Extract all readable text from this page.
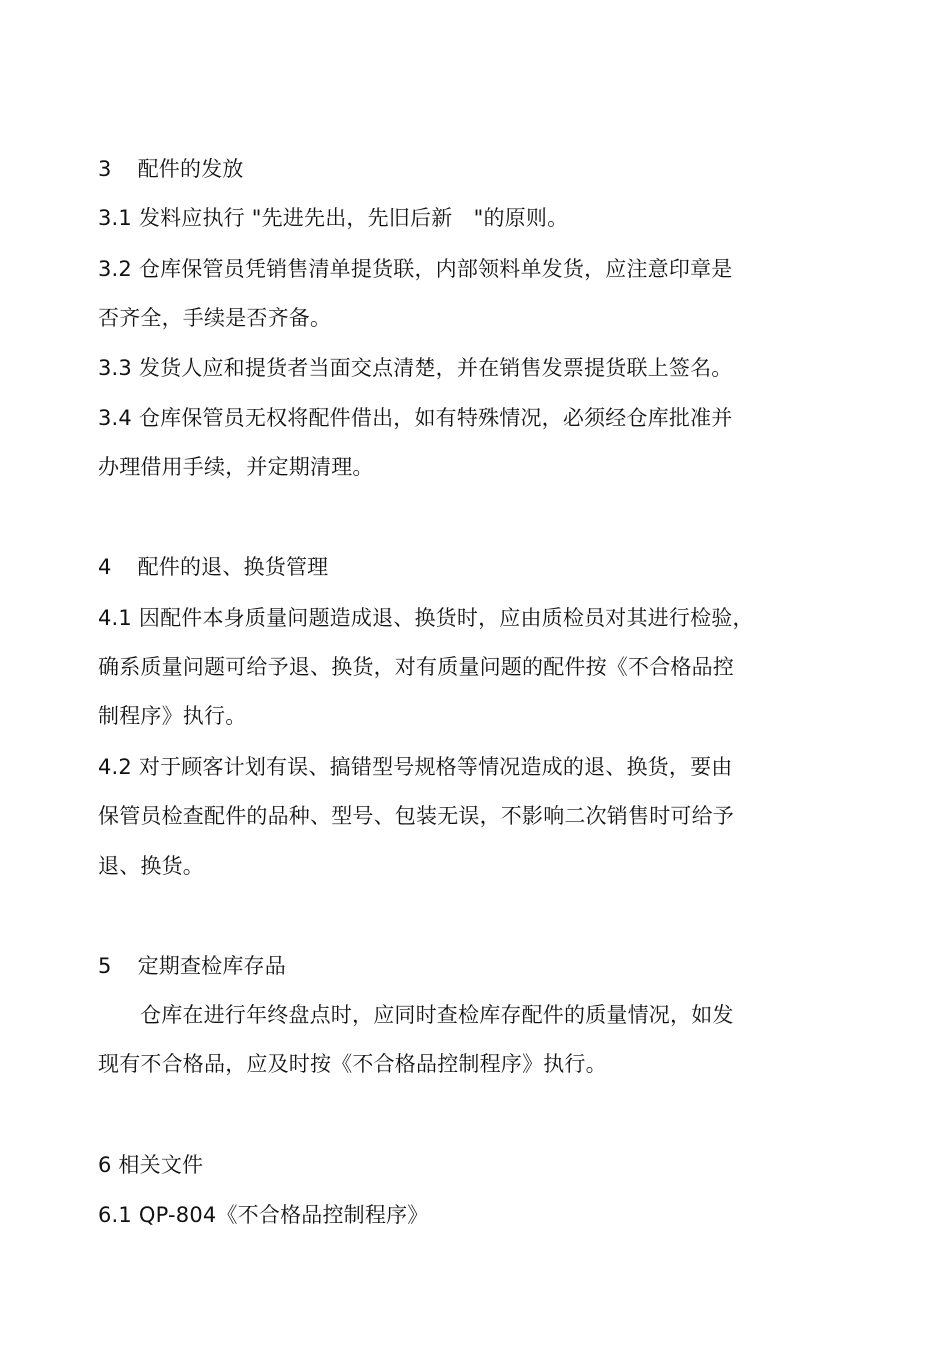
3 配件的发放
3.1 发料应执行 "先进先出，先旧后新　"的原则。
3.2 仓库保管员凭销售清单提货联，内部领料单发货，应注意印章是
否齐全，手续是否齐备。
3.3 发货人应和提货者当面交点清楚，并在销售发票提货联上签名。
3.4 仓库保管员无权将配件借出，如有特殊情况，必须经仓库批准并
办理借用手续，并定期清理。
4 配件的退、换货管理
4.1 因配件本身质量问题造成退、换货时，应由质检员对其进行检验，
确系质量问题可给予退、换货，对有质量问题的配件按《不合格品控
制程序》执行。
4.2 对于顾客计划有误、搞错型号规格等情况造成的退、换货，要由
保管员检查配件的品种、型号、包装无误，不影响二次销售时可给予
退、换货。
5 定期查检库存品
仓库在进行年终盘点时，应同时查检库存配件的质量情况，如发
现有不合格品，应及时按《不合格品控制程序》执行。
6 相关文件
6.1 QP-804《不合格品控制程序》
